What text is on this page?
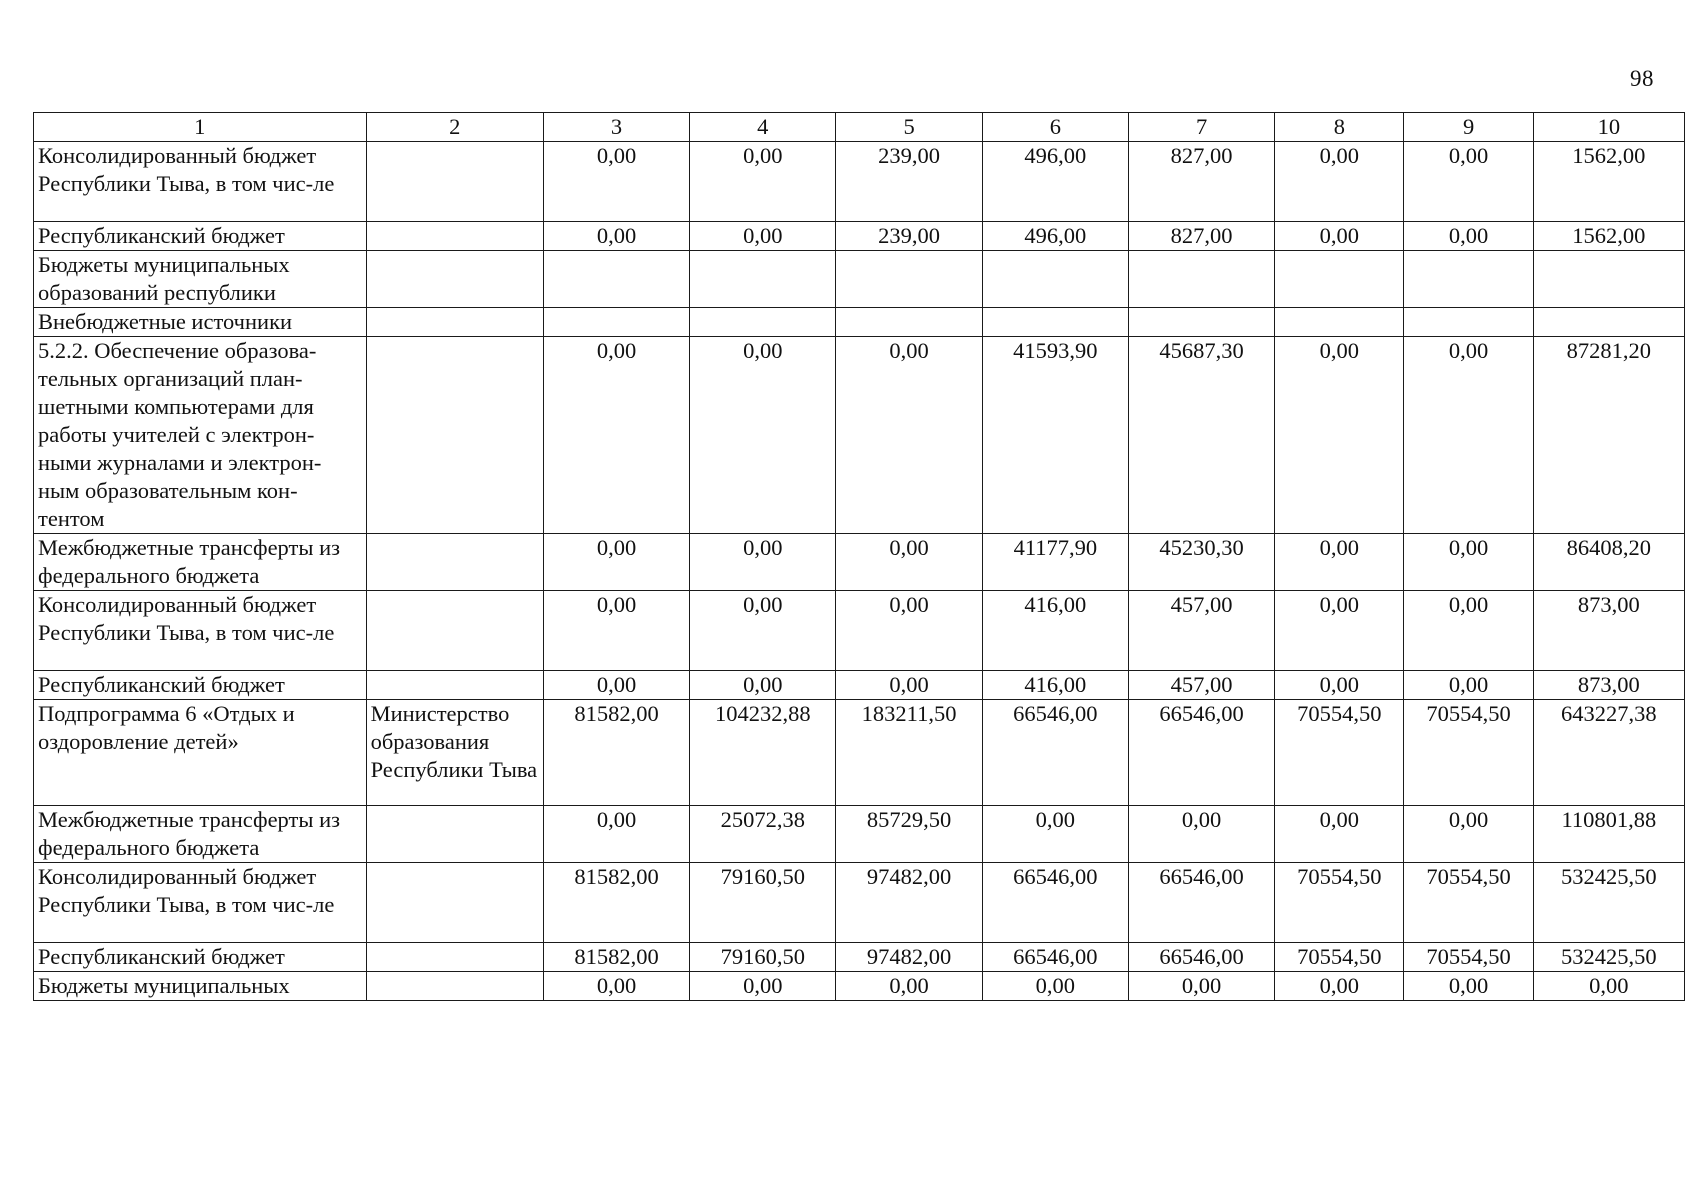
98
1	2	3	4	5	6	7	8	9	10
Консолидированный бюджет Республики Тыва, в том чис-ле		0,00	0,00	239,00	496,00	827,00	0,00	0,00	1562,00
Республиканский бюджет		0,00	0,00	239,00	496,00	827,00	0,00	0,00	1562,00
Бюджеты муниципальных образований республики									
Внебюджетные источники									
5.2.2. Обеспечение образова-тельных организаций план-шетными компьютерами для работы учителей с электрон-ными журналами и электрон-ным образовательным кон-тентом		0,00	0,00	0,00	41593,90	45687,30	0,00	0,00	87281,20
Межбюджетные трансферты из федерального бюджета		0,00	0,00	0,00	41177,90	45230,30	0,00	0,00	86408,20
Консолидированный бюджет Республики Тыва, в том чис-ле		0,00	0,00	0,00	416,00	457,00	0,00	0,00	873,00
Республиканский бюджет		0,00	0,00	0,00	416,00	457,00	0,00	0,00	873,00
Подпрограмма 6 «Отдых и оздоровление детей»	Министерство образования Республики Тыва	81582,00	104232,88	183211,50	66546,00	66546,00	70554,50	70554,50	643227,38
Межбюджетные трансферты из федерального бюджета		0,00	25072,38	85729,50	0,00	0,00	0,00	0,00	110801,88
Консолидированный бюджет Республики Тыва, в том чис-ле		81582,00	79160,50	97482,00	66546,00	66546,00	70554,50	70554,50	532425,50
Республиканский бюджет		81582,00	79160,50	97482,00	66546,00	66546,00	70554,50	70554,50	532425,50
Бюджеты муниципальных		0,00	0,00	0,00	0,00	0,00	0,00	0,00	0,00
